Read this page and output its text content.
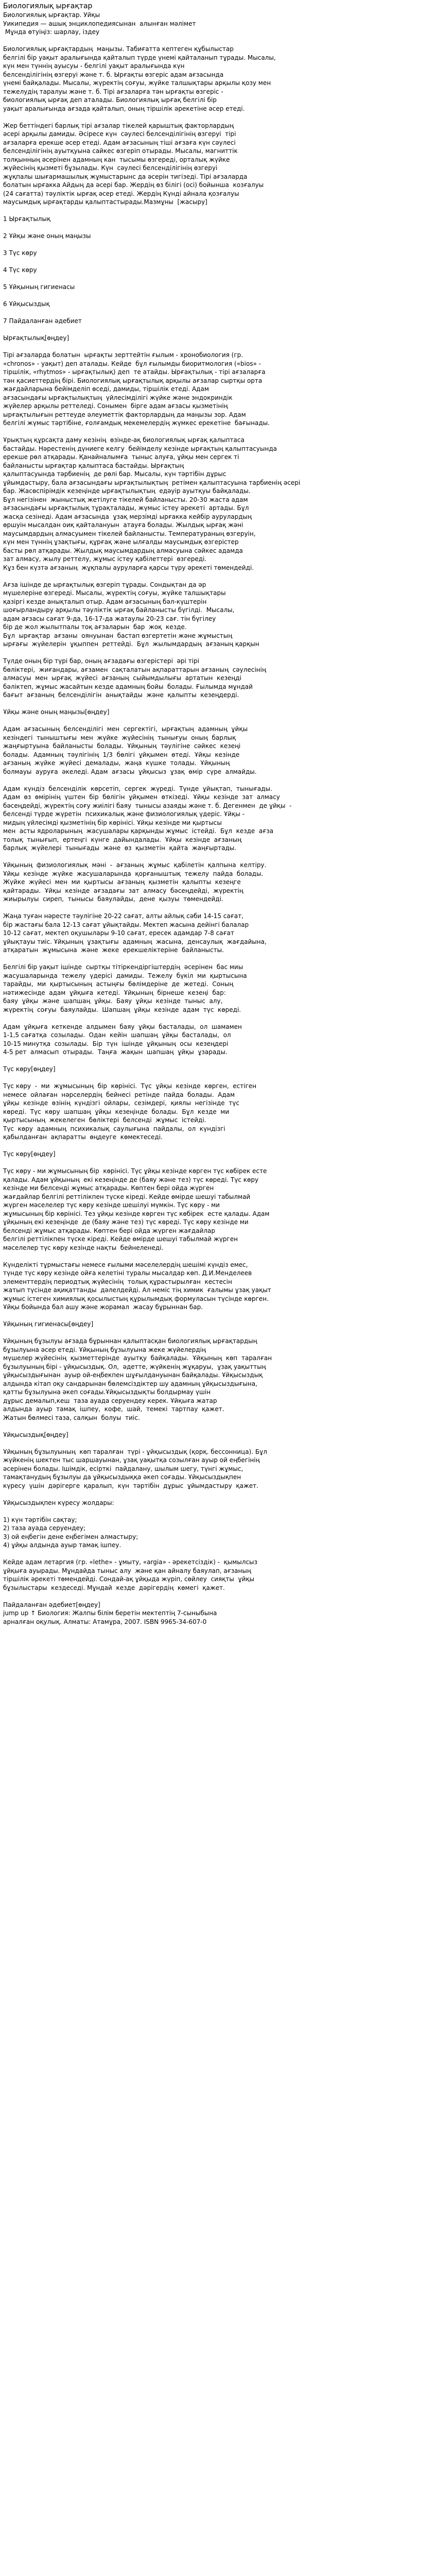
Биологиялық ырғақтар
Биологиялық ырғақтар. Уйқы
Уикипедия — ашық энциклопедиясынан  алынған мәлімет
Мұнда өтуіңіз: шарлау, іздеу
Биологиялық ырғақтардың  маңызы. Табиғатта кептеген құбылыстар
белгілі бір уақыт аралығында қайталып түрде үнемі қайталанып тұрады. Мысалы,
күн мен түннің ауысуы - белгілі уақыт аралығында күн
белсенділігінің өзгеруі және т. б. Ырғақты өзгеріс адам ағзасында
үнемі байқалады. Мысалы, жүректің соғуы, жүйке талшықтары арқылы қозу мен
тежелудің таралуы және т. б. Тірі ағзаларға тән ырғақты өзгеріс -
биологиялық ырғақ деп аталады. Биологиялық ырғақ белгілі бір
уақыт аралығында ағзада қайталып, оның тіршілік әрекетіне әсер етеді.
Жер беттіндегі барлық тірі ағзалар тікелей қарыштық факторлардың
әсері арқылы дамиды. Әсіресе күн  сәулесі белсенділігінің өзгеруі  тірі
ағзаларға ерекше әсер етеді. Адам ағзасының тіші ағзаға күн сәулесі
белсенділігінің ауытқуына сайкес өзгеріп отырады. Мысалы, магниттік
толқынның әсерінен адамның кан  тысымы өзгереді, орталық жүйке
жүйесінің қызметі бұзылады. Күн  сәулесі белсенділігінің өзгеруі
жұқпалы шығармашылық жұмыстарынс да әсерін тигізеді. Тірі ағзаларда
болатын ырғакка Айдың да әсері бар. Жердің өз білігі (осі) бойынша  козғалуы
(24 сағатта) тәуліктік ырғақ әсер етеді. Жердің Күнді айнала қозғалуы
маусымдық ырғақтарды қалыптастырады.Мазмұны  [жасыру]
1 Ырғақтылық
2 Ұйқы және оның маңызы
3 Түс көру
4 Түс көру
5 Ұйқының гигиенасы
6 Ұйқысыздық
7 Пайдаланған әдебиет
Ырғақтылық[өңдеу]
Тірі ағзаларда болатын  ырғақты зерттейтін ғылым - хронобиология (гр.
«chronos» - уақыт) деп аталады. Кейде  бұл ғылымды биоритмология («bios» -
тіршілік, «rhytmos» - ырғақтылық) деп  те атайды. Ырғақтылық - тірі ағзаларға
тән қасиеттердің бірі. Биологиялық ырғақтылық арқылы ағзалар сыртқы орта
жағдайларына бейімделіп өседі, дамиды, тіршілік етеді. Адам
ағзасындағы ырғақтылықтың  үйлесімділігі жүйке және эндокриндік
жүйелер арқылы реттеледі. Сонымен  бірге адам ағзасы қызметінің
ырғақтылығын реттеуде әлеуметтік факторлардың да маңызы зор. Адам
белгілі жүмыс тәртібіне, ғолғамдық мекемелердің жүмкес ерекетіне  бағынады.
Ұрықтың құрсақта даму кезінің  өзінде-ақ биологиялық ырғақ қалыптаса
бастайды. Нәрестенің дүниеге келгу  бейімделу кезінде ырғақтың қалыптасуында
ерекше рөл атқарады. Қанайналымға  тыныс алуға, ұйқы мен сергек ті
байланысты ырғақтар қалыптаса бастайды. Ырғақтың
қалыптасуында тәрбиенің  де рөлі бар. Мысалы, күн тәртібін дұрыс
ұйымдастыру, бала ағзасындағы ырғақтылықтың  ретімен қалыптасуына тарбиенің әсері
бар. Жасөспірімдік кезеңінде ырғақтылықтың  едәуір ауытқуы байқалады.
Бұл негізінен  жыныстық жетілуге тікелей байланысты. 20-30 жаста адам
ағзасындағы ырғақтылық тұрақталады, жүмыс істеу әрекеті  артады. Бұл
жасқа сезінеді. Адам ағзасында  ұзақ мерзімді ырғакка кейбір аурулардың
өршуін мысалдан оиқ қайталануын  атауға болады. Жылдық ырғақ жәні
маусымдардың алмасуымен тікелей байланысты. Температураның өзгеруін,
күн мен түннің ұзақтығы, құрғақ және ылғалды маусымдық өзгерістер
басты рөл атқарады. Жылдық маусымдардың алмасуына сәйкес адамда
зат алмасу, жылу реттелу, жұмыс істеу қабілеттері  өзгереді.
Кұз бен күзтә ағзаның  жұқпалы ауруларға қарсы түру әрекеті төмендейді.
Ағза ішінде де ырғақтылық өзгеріп тұрады. Сондықтан да әр
мүшелеріне өзгереді. Мысалы, жүректің соғуы, жүйке талшықтары
қазіргі кезде анықталып отыр. Адам ағзасының бәл-күштерін
шоғырландыру арқылы тәуліктік ырғақ байланысты бүгілді.  Мысалы,
адам ағзасы сағат 9-да, 16-17-да жатаулы 20-23 сағ. тін бүгілеу
бір де жол жылытпалы тоқ ағзаларын  бар  жоқ  кезде.
Бұл  ырғақтар  ағзаны  оянуынан  бастап өзгертетін және жұмыстың
ырғағы  жүйелерін  ұқыппен  реттейді.  Бұл  жылымдардың  ағзаның қарқын
Түлде оның бір түрі бар, оның ағзадағы өзгерістері  әрі тірі
бөліктері,  жиғандары, ағзамен  сақталатын ақпараттарын ағзаның  сәулесінің
алмасуы  мен  ырғақ  жүйесі  ағзаның  сыйымдылығы  артатын  кезеңді
бәліктеп, жұмыс жасайтын кезде адамның бойы  болады. Ғылымда мұндай
бағыт  ағзаның  белсенділігін  анықтайды  және  қалыпты  кезеңдерді.
Ұйқы және оның маңызы[өңдеу]
Адам  ағзасының  белсенділігі  мен  сергектігі,  ырғақтың  адамның  ұйқы
кезіндегі  тыныштығы  мен  жүйке  жүйесінің  тынығуы  оның  барлық
жаңғыртуына  байланысты  болады.  Ұйқының  тәулігіне  сәйкес  кезеңі
болады.  Адамның  тәулігінің  1/3  бөлігі  ұйқымен  өтеді.  Ұйқы  кезінде
ағзаның  жүйке  жүйесі  демалады,  жаңа  күшке  толады.  Ұйқының
болмауы  ауруға  әкеледі. Адам  ағзасы  ұйқысыз  ұзақ  өмір  сүре  алмайды.
Адам  күндіз  белсенділік  көрсетіп,  сергек  жүреді.  Түнде  ұйықтап,  тынығады.
Адам  өз  өмірінің  үштен  бір  бөлігін  ұйқымен  өткізеді.  Ұйқы  кезінде  зат  алмасу
бәсеңдейді, жүректің соғу жиілігі баяу  тынысы азаяды және т. б. Дегенмен  де ұйқы  -
белсенді түрде жүретін  психикалық және физиологиялық үдеріс. Ұйқы -
мидың үйлесімді қызметінің бір көрінісі. Ұйқы кезінде ми қыртысы
мен  асты ядроларының  жасушалары қарқынды жұмыс  істейді.  Бұл  кезде  ағза
толық  тынығып,  ертеңгі  күнге  дайындалады.  Ұйқы  кезінде  ағзаның
барлық  жүйелері  тынығады  және  өз  қызметін  қайта  жаңғыртады.
Ұйқының  физиологиялық  мәні  -  ағзаның  жұмыс  қабілетін  қалпына  келтіру.
Ұйқы  кезінде  жүйке  жасушаларында  қорғаныштық  тежелу  пайда  болады.
Жүйке  жүйесі  мен  ми  қыртысы  ағзаның  қызметін  қалыпты  кезеңге
қайтарады.  Ұйқы  кезінде  ағзадағы  зат  алмасу  бәсеңдейді,  жүректің
жиырылуы  сиреп,  тынысы  баяулайды,  дене  қызуы  төмендейді.
Жаңа туған нәресте тәулігіне 20-22 сағат, алты айлық сәби 14-15 сағат,
бір жастағы бала 12-13 сағат ұйықтайды. Мектеп жасына дейінгі балалар
10-12 сағат, мектеп оқушылары 9-10 сағат, ересек адамдар 7-8 сағат
ұйықтауы тиіс. Ұйқының  ұзақтығы  адамның  жасына,  денсаулық  жағдайына,
атқаратын  жұмысына  және  жеке  ерекшеліктеріне  байланысты.
Белгілі бір уақыт ішінде  сыртқы тітіркендіргіштердің  әсерінен  бас миы
жасушаларында  тежелу  үдерісі  дамиды.  Тежелу  бүкіл  ми  қыртысына
тарайды,  ми  қыртысының  астыңғы  бөлімдеріне  де  жетеді.  Соның
нәтижесінде  адам  ұйқыға  кетеді.  Ұйқының  бірнеше  кезеңі  бар:
баяу  ұйқы  және  шапшаң  ұйқы.  Баяу  ұйқы  кезінде  тыныс  алу,
жүректің  соғуы  баяулайды.  Шапшаң  ұйқы  кезінде  адам  түс  көреді.
Адам  ұйқыға  кеткенде  алдымен  баяу  ұйқы  басталады,  ол  шамамен
1-1,5 сағатқа  созылады.  Одан  кейін  шапшаң  ұйқы  басталады,  ол
10-15 минутқа  созылады.  Бір  түн  ішінде  ұйқының  осы  кезеңдері
4-5 рет  алмасып  отырады.  Таңға  жақын  шапшаң  ұйқы  ұзарады.
Түс көру[өңдеу]
Түс көру  -  ми  жұмысының  бір  көрінісі.  Түс  ұйқы  кезінде  көрген,  естіген
немесе  ойлаған  нәрселердің  бейнесі  ретінде  пайда  болады.  Адам
ұйқы  кезінде  өзінің  күндізгі  ойлары,  сезімдері,  қиялы  негізінде  түс
көреді.  Түс  көру  шапшаң  ұйқы  кезеңінде  болады.  Бұл  кезде  ми
қыртысының  жекелеген  бөліктері  белсенді  жұмыс  істейді.
Түс  көру  адамның  психикалық  саулығына  пайдалы,  ол  күндізгі
қабылданған  ақпаратты  өңдеуге  көмектеседі.
Түс көру[өңдеу]
Түс көру - ми жұмысының бір  көрінісі. Түс ұйқы кезінде көрген түс көбірек есте
қалады. Адам ұйқының  екі кезеңінде де (баяу және тез) түс көреді. Түс көру
кезінде ми белсенді жұмыс атқарады. Көптен бері ойда жүрген
жағдайлар белгілі реттілікпен түске кіреді. Кейде өмірде шешуі табылмай
жүрген мәселелер түс көру кезінде шешілуі мүмкін. Түс көру - ми
жұмысының бір көрінісі. Тез ұйқы кезінде көрген түс көбірек  есте қалады. Адам
ұйқының екі кезеңінде  де (баяу және тез) түс көреді. Түс көру кезінде ми
белсенді жұмыс атқарады. Көптен бері ойда жүрген жағдайлар
белгілі реттілікпен түске кіреді. Кейде өмірде шешуі табылмай жүрген
мәселелер түс көру кезінде нақты  бейнеленеді.
Күнделікті тұрмыстағы немесе ғылыми мәселелердің шешімі күндіз емес,
түнде түс көру кезінде ойға келетіні туралы мысалдар көп. Д.И.Менделеев
элементтердің периодтық жүйесінің  толық құрастырылған  кестесін
жатып түсінде ақиқаттанды  дәлелдейді. Ал неміс тің химик  ғалымы ұзақ уақыт
жұмыс істеген химиялық қосылыстың құрылымдық формуласын түсінде көрген.
Ұйқы бойында бал ашу және жорамал  жасау бұрыннан бар.
Ұйқының гигиенасы[өңдеу]
Ұйқының бұзылуы ағзада бұрыннан қалыптасқан биологиялық ырғақтардың
бұзылуына әсер етеді. Ұйқының бұзылуына жеке жүйелердің
мүшелер жүйесінің  қызметтерінде  ауытқу  байқалады.  Ұйқының  көп  таралған
бұзылуының бірі - ұйқысыздық. Ол,  әдетте, жүйкенің жұқаруы,  ұзақ уақыттың
ұйқысыздығынан  ауыр ой-еңбекпен шұғылдануынан байқалады. Ұйқысыздық
алдында кітап оқу сандарынан бөлемсіздіктер шу адамның ұйқысыздығына,
қатты бұзылуына әкеп соғады.Ұйқысыздықты болдырмау үшін
дұрыс демалып,кеш  таза ауада серуендеу керек. Ұйқыға жатар
алдында  ауыр  тамақ  ішпеу,  кофе,  шай,  темекі  тартпау  қажет.
Жатын бөлмесі таза, салқын  болуы  тиіс.
Ұйқысыздық[өңдеу]
Ұйқының бұзылуының  көп таралған  түрі - ұйқысыздық (қорқ. бессонница). Бұл
жүйкенің шектен тыс шаршауынан, ұзақ уақытқа созылған ауыр ой еңбегінің
әсерінен болады. Ішімдік, есірткі  пайдалану, шылым шегу, түнгі жұмыс,
тамақтанудың бұзылуы да ұйқысыздыққа әкеп соғады. Ұйқысыздықпен
күресу  үшін  дәрігерге  қаралып,  күн  тәртібін  дұрыс  ұйымдастыру  қажет.
Ұйқысыздықпен күресу жолдары:
1) күн тәртібін сақтау;
2) таза ауада серуендеу;
3) ой еңбегін дене еңбегімен алмастыру;
4) ұйқы алдында ауыр тамақ ішпеу.
Кейде адам летаргия (гр. «lethe» - ұмыту, «argia» - әрекетсіздік) -  қымылсыз
ұйқыға ауырады. Мұндайда тыныс алу  және қан айналу баяулап, ағзаның
тіршілік әрекеті төмендейді. Сондай-ақ ұйқыда жүріп, сөйлеу  сияқты  ұйқы
бұзылыстары  кездеседі. Мұндай  кезде  дәрігердің  көмегі  қажет.
Пайдаланған әдебиет[өңдеу]
jump up ↑ Биология: Жалпы білім беретін мектептің 7-сыныбына
арналған оқулық. Алматы: Атамұра, 2007. ISBN 9965-34-607-0
